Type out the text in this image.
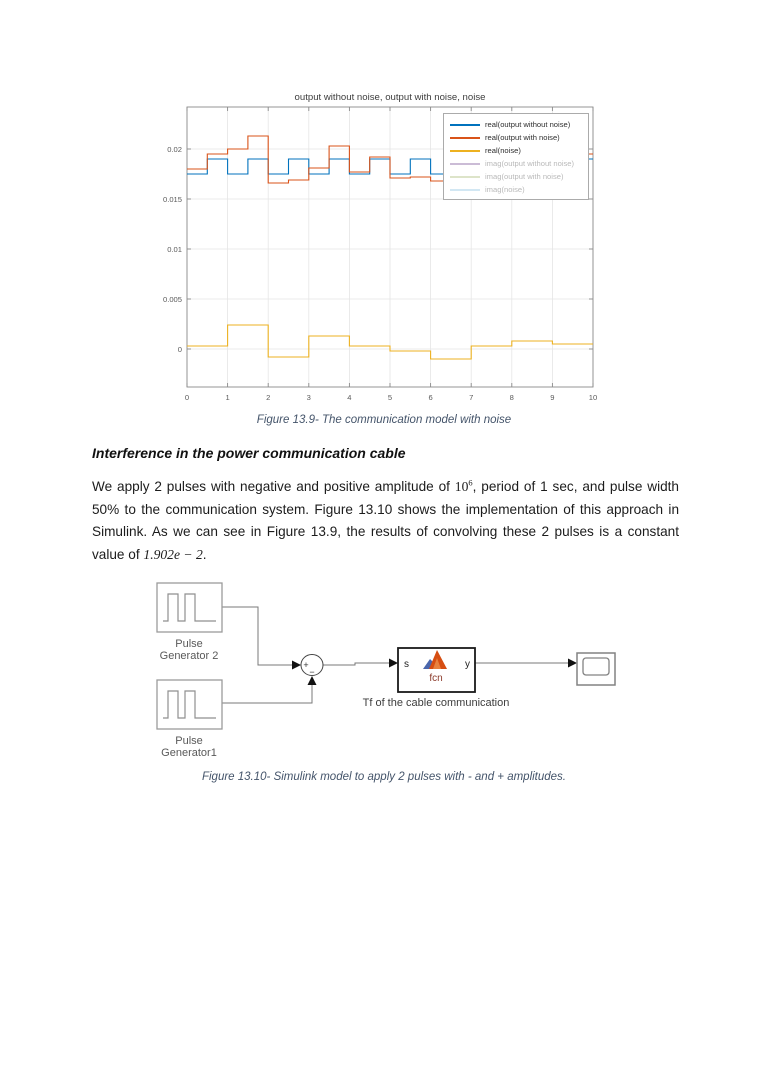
0	1	2	3	4	5	6	7	8	9	10
0
0.005
0.01
0.015
0.02
output without noise, output with noise, noise
real(output without noise)
real(output with noise)
real(noise)
imag(output without noise)
imag(output with noise)
imag(noise)
Figure 13.9- The communication model with noise
Interference in the power communication cable

We apply 2 pulses with negative and positive amplitude of $10^6$, period of 1 sec, and pulse width 50% to the communication system. Figure 13.10 shows the implementation of this approach in Simulink. As we can see in Figure 13.9, the results of convolving these 2 pulses is a constant value of 1.902e − 2.

Pulse
Generator 2
Pulse
Generator1
+
−
s	y
fcn
Tf of the cable communication
Figure 13.10- Simulink model to apply 2 pulses with - and + amplitudes.
